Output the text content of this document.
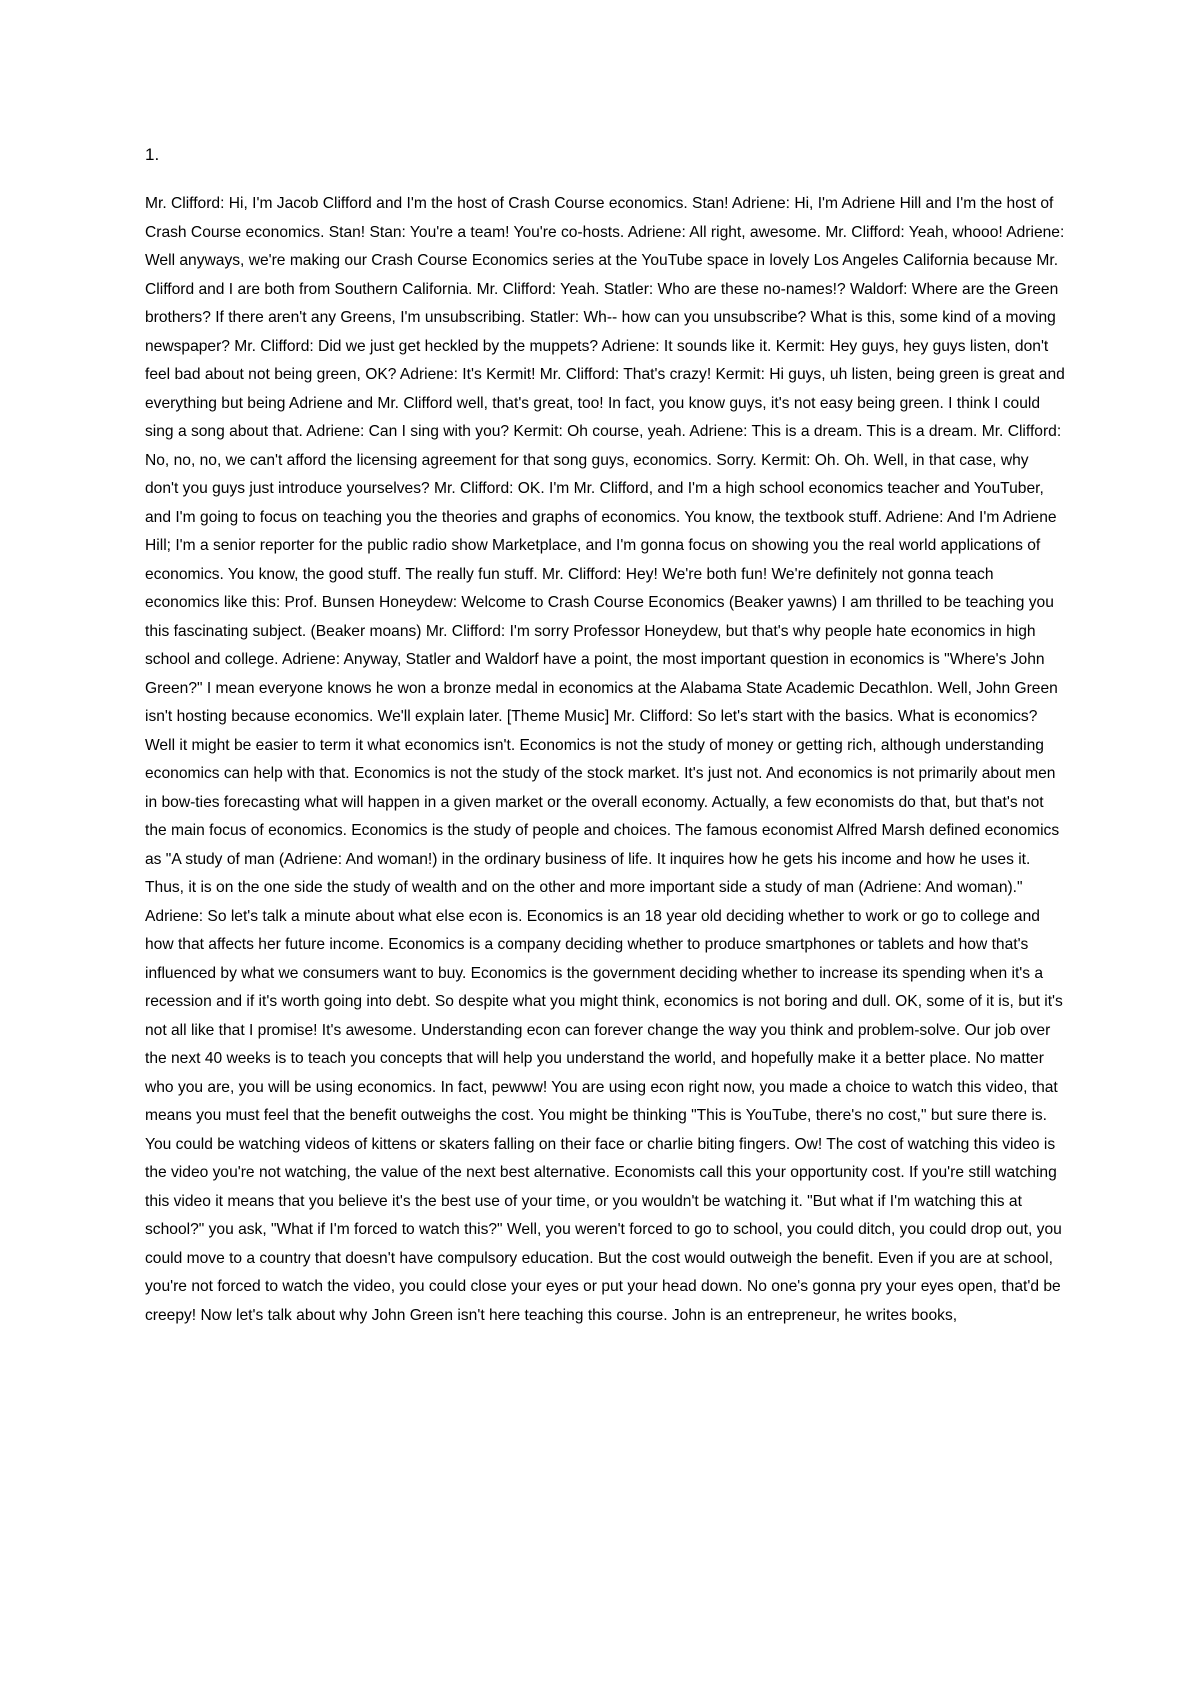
1.

Mr. Clifford: Hi, I'm Jacob Clifford and I'm the host of Crash Course economics. Stan! Adriene: Hi, I'm Adriene Hill and I'm the host of Crash Course economics. Stan! Stan: You're a team! You're co-hosts. Adriene: All right, awesome. Mr. Clifford: Yeah, whooo! Adriene: Well anyways, we're making our Crash Course Economics series at the YouTube space in lovely Los Angeles California because Mr. Clifford and I are both from Southern California. Mr. Clifford: Yeah. Statler: Who are these no-names!? Waldorf: Where are the Green brothers? If there aren't any Greens, I'm unsubscribing. Statler: Wh-- how can you unsubscribe? What is this, some kind of a moving newspaper? Mr. Clifford: Did we just get heckled by the muppets? Adriene: It sounds like it. Kermit: Hey guys, hey guys listen, don't feel bad about not being green, OK? Adriene: It's Kermit! Mr. Clifford: That's crazy! Kermit: Hi guys, uh listen, being green is great and everything but being Adriene and Mr. Clifford well, that's great, too! In fact, you know guys, it's not easy being green. I think I could sing a song about that. Adriene: Can I sing with you? Kermit: Oh course, yeah. Adriene: This is a dream. This is a dream. Mr. Clifford: No, no, no, we can't afford the licensing agreement for that song guys, economics. Sorry. Kermit: Oh. Oh. Well, in that case, why don't you guys just introduce yourselves? Mr. Clifford: OK. I'm Mr. Clifford, and I'm a high school economics teacher and YouTuber, and I'm going to focus on teaching you the theories and graphs of economics. You know, the textbook stuff. Adriene: And I'm Adriene Hill; I'm a senior reporter for the public radio show Marketplace, and I'm gonna focus on showing you the real world applications of economics. You know, the good stuff. The really fun stuff. Mr. Clifford: Hey! We're both fun! We're definitely not gonna teach economics like this: Prof. Bunsen Honeydew: Welcome to Crash Course Economics (Beaker yawns) I am thrilled to be teaching you this fascinating subject. (Beaker moans) Mr. Clifford: I'm sorry Professor Honeydew, but that's why people hate economics in high school and college. Adriene: Anyway, Statler and Waldorf have a point, the most important question in economics is "Where's John Green?" I mean everyone knows he won a bronze medal in economics at the Alabama State Academic Decathlon. Well, John Green isn't hosting because economics. We'll explain later. [Theme Music] Mr. Clifford: So let's start with the basics. What is economics? Well it might be easier to term it what economics isn't. Economics is not the study of money or getting rich, although understanding economics can help with that. Economics is not the study of the stock market. It's just not. And economics is not primarily about men in bow-ties forecasting what will happen in a given market or the overall economy. Actually, a few economists do that, but that's not the main focus of economics. Economics is the study of people and choices. The famous economist Alfred Marsh defined economics as "A study of man (Adriene: And woman!) in the ordinary business of life. It inquires how he gets his income and how he uses it. Thus, it is on the one side the study of wealth and on the other and more important side a study of man (Adriene: And woman)." Adriene: So let's talk a minute about what else econ is. Economics is an 18 year old deciding whether to work or go to college and how that affects her future income. Economics is a company deciding whether to produce smartphones or tablets and how that's influenced by what we consumers want to buy. Economics is the government deciding whether to increase its spending when it's a recession and if it's worth going into debt. So despite what you might think, economics is not boring and dull. OK, some of it is, but it's not all like that I promise! It's awesome. Understanding econ can forever change the way you think and problem-solve. Our job over the next 40 weeks is to teach you concepts that will help you understand the world, and hopefully make it a better place. No matter who you are, you will be using economics. In fact, pewww! You are using econ right now, you made a choice to watch this video, that means you must feel that the benefit outweighs the cost. You might be thinking "This is YouTube, there's no cost," but sure there is. You could be watching videos of kittens or skaters falling on their face or charlie biting fingers. Ow! The cost of watching this video is the video you're not watching, the value of the next best alternative. Economists call this your opportunity cost. If you're still watching this video it means that you believe it's the best use of your time, or you wouldn't be watching it. "But what if I'm watching this at school?" you ask, "What if I'm forced to watch this?" Well, you weren't forced to go to school, you could ditch, you could drop out, you could move to a country that doesn't have compulsory education. But the cost would outweigh the benefit. Even if you are at school, you're not forced to watch the video, you could close your eyes or put your head down. No one's gonna pry your eyes open, that'd be creepy! Now let's talk about why John Green isn't here teaching this course. John is an entrepreneur, he writes books,
